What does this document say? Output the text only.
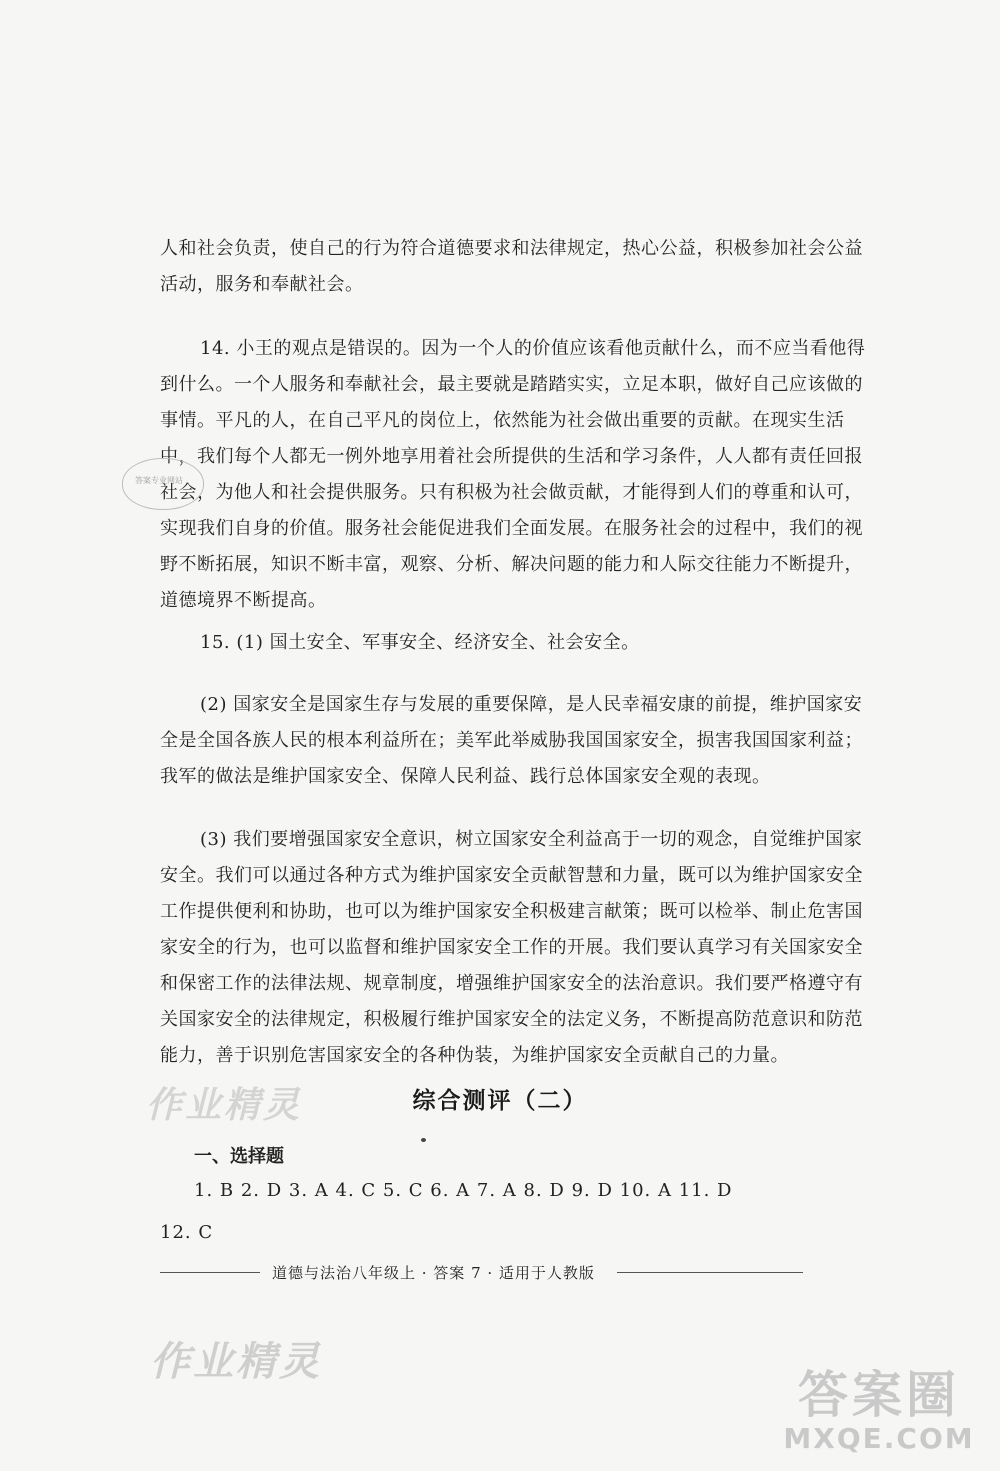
人和社会负责，使自己的行为符合道德要求和法律规定，热心公益，积极参加社会公益
活动，服务和奉献社会。
14. 小王的观点是错误的。因为一个人的价值应该看他贡献什么，而不应当看他得
到什么。一个人服务和奉献社会，最主要就是踏踏实实，立足本职，做好自己应该做的
事情。平凡的人，在自己平凡的岗位上，依然能为社会做出重要的贡献。在现实生活
中，我们每个人都无一例外地享用着社会所提供的生活和学习条件，人人都有责任回报
社会，为他人和社会提供服务。只有积极为社会做贡献，才能得到人们的尊重和认可，
实现我们自身的价值。服务社会能促进我们全面发展。在服务社会的过程中，我们的视
野不断拓展，知识不断丰富，观察、分析、解决问题的能力和人际交往能力不断提升，
道德境界不断提高。
15. (1) 国土安全、军事安全、经济安全、社会安全。
(2) 国家安全是国家生存与发展的重要保障，是人民幸福安康的前提，维护国家安
全是全国各族人民的根本利益所在；美军此举威胁我国国家安全，损害我国国家利益；
我军的做法是维护国家安全、保障人民利益、践行总体国家安全观的表现。
(3) 我们要增强国家安全意识，树立国家安全利益高于一切的观念，自觉维护国家
安全。我们可以通过各种方式为维护国家安全贡献智慧和力量，既可以为维护国家安全
工作提供便利和协助，也可以为维护国家安全积极建言献策；既可以检举、制止危害国
家安全的行为，也可以监督和维护国家安全工作的开展。我们要认真学习有关国家安全
和保密工作的法律法规、规章制度，增强维护国家安全的法治意识。我们要严格遵守有
关国家安全的法律规定，积极履行维护国家安全的法定义务，不断提高防范意识和防范
能力，善于识别危害国家安全的各种伪装，为维护国家安全贡献自己的力量。
答案专业网站
作业精灵	综合测评（二）
一、选择题
1. B 2. D 3. A 4. C 5. C 6. A 7. A 8. D 9. D 10. A 11. D
12. C
道德与法治八年级上 · 答案 7 · 适用于人教版
作业精灵
答案圈
MXQE.COM
